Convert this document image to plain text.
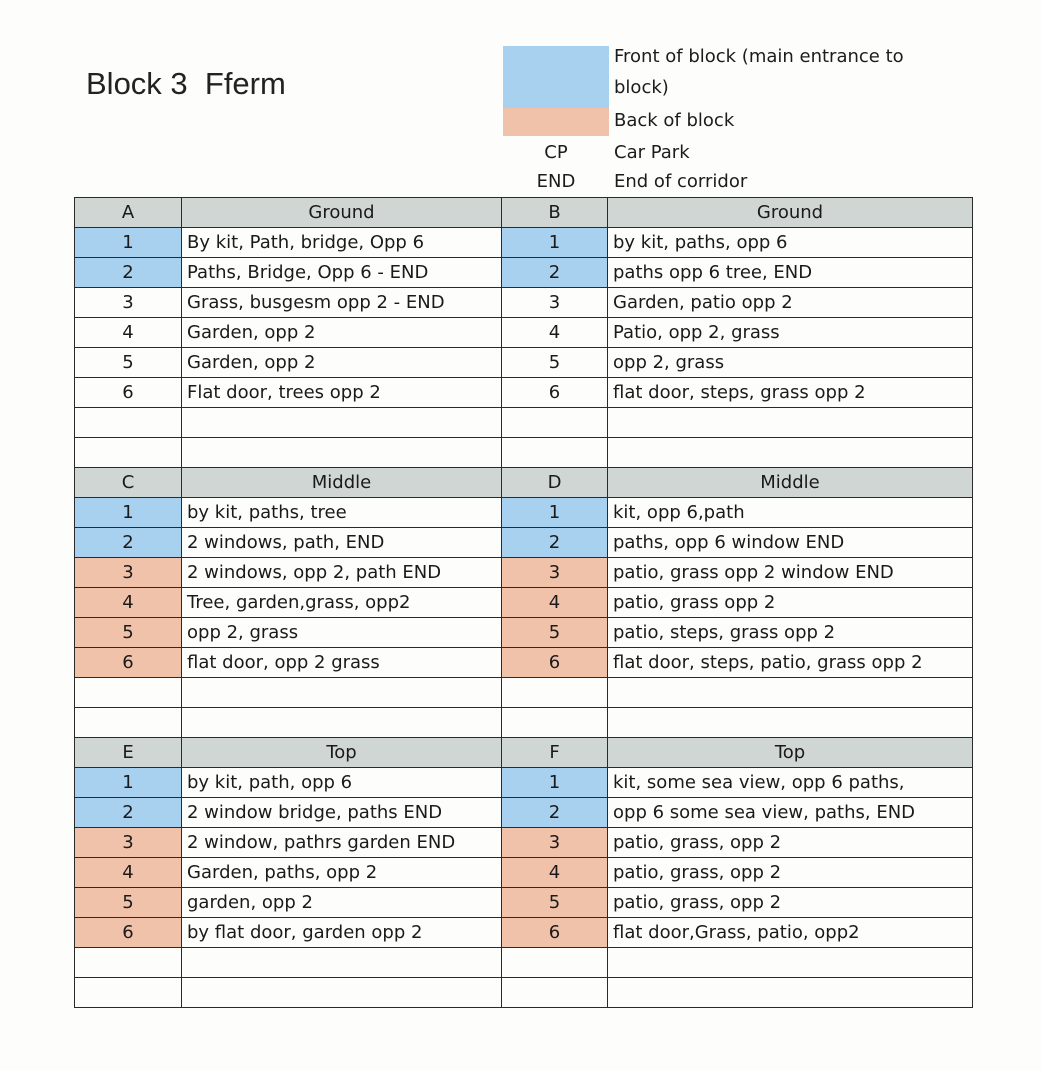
Block 3  Fferm
Front of block (main entrance to
block)
Back of block
CP	Car Park
END	End of corridor
A	Ground	B	Ground
1	By kit, Path, bridge, Opp 6	1	by kit, paths, opp 6
2	Paths, Bridge, Opp 6 - END	2	paths opp 6 tree, END
3	Grass, busgesm opp 2 - END	3	Garden, patio opp 2
4	Garden, opp 2	4	Patio, opp 2, grass
5	Garden, opp 2	5	opp 2, grass
6	Flat door, trees opp 2	6	flat door, steps, grass opp 2

C	Middle	D	Middle
1	by kit, paths, tree	1	kit, opp 6,path
2	2 windows, path, END	2	paths, opp 6 window END
3	2 windows, opp 2, path END	3	patio, grass opp 2 window END
4	Tree, garden,grass, opp2	4	patio, grass opp 2
5	opp 2, grass	5	patio, steps, grass opp 2
6	flat door, opp 2 grass	6	flat door, steps, patio, grass opp 2

E	Top	F	Top
1	by kit, path, opp 6	1	kit, some sea view, opp 6 paths,
2	2 window bridge, paths END	2	opp 6 some sea view, paths, END
3	2 window, pathrs garden END	3	patio, grass, opp 2
4	Garden, paths, opp 2	4	patio, grass, opp 2
5	garden, opp 2	5	patio, grass, opp 2
6	by flat door, garden opp 2	6	flat door,Grass, patio, opp2
